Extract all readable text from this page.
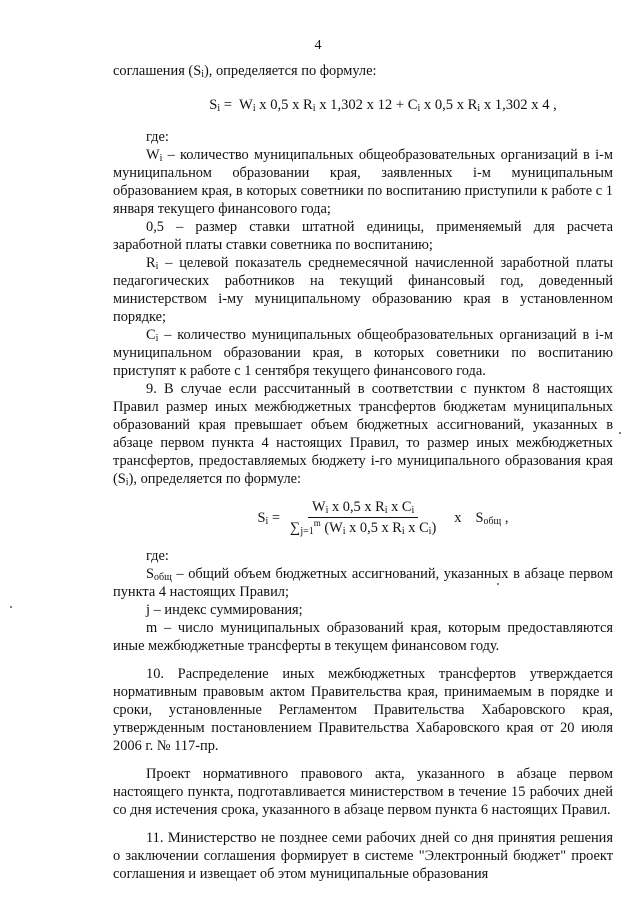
4

соглашения $(S_i)$, определяется по формуле:

$S_i = W_i$ x 0,5 x $R_i$ x 1,302 x $12 + C_i$ x 0,5 x $R_i$ x 1,302 x 4 ,

где:

$W_i$ – количество муниципальных общеобразовательных организаций в i-м муниципальном образовании края, заявленных i-м муниципальным образованием края, в которых советники по воспитанию приступили к работе с 1 января текущего финансового года;

0,5 – размер ставки штатной единицы, применяемый для расчета заработной платы ставки советника по воспитанию;

$R_i$ – целевой показатель среднемесячной начисленной заработной платы педагогических работников на текущий финансовый год, доведенный министерством i-му муниципальному образованию края в установленном порядке;

$C_i$ – количество муниципальных общеобразовательных организаций в i-м муниципальном образовании края, в которых советники по воспитанию приступят к работе с 1 сентября текущего финансового года.

9. В случае если рассчитанный в соответствии с пунктом 8 настоящих Правил размер иных межбюджетных трансфертов бюджетам муниципальных образований края превышает объем бюджетных ассигнований, указанных в абзаце первом пункта 4 настоящих Правил, то размер иных межбюджетных трансфертов, предоставляемых бюджету i-го муниципального образования края $(S_i)$, определяется по формуле:

$S_i = \frac{W_i x 0,5 x R_i x C_i}{\sum_{j=1}^m (W_i x 0,5 x R_i x C_i)}$ x $S_{общ}$ ,

где:

$S_{общ}$ – общий объем бюджетных ассигнований, указанных в абзаце первом пункта 4 настоящих Правил;

j – индекс суммирования;

m – число муниципальных образований края, которым предоставляются иные межбюджетные трансферты в текущем финансовом году.

10. Распределение иных межбюджетных трансфертов утверждается нормативным правовым актом Правительства края, принимаемым в порядке и сроки, установленные Регламентом Правительства Хабаровского края, утвержденным постановлением Правительства Хабаровского края от 20 июля 2006 г. № 117-пр.

Проект нормативного правового акта, указанного в абзаце первом настоящего пункта, подготавливается министерством в течение 15 рабочих дней со дня истечения срока, указанного в абзаце первом пункта 6 настоящих Правил.

11. Министерство не позднее семи рабочих дней со дня принятия решения о заключении соглашения формирует в системе "Электронный бюджет" проект соглашения и извещает об этом муниципальные образования
